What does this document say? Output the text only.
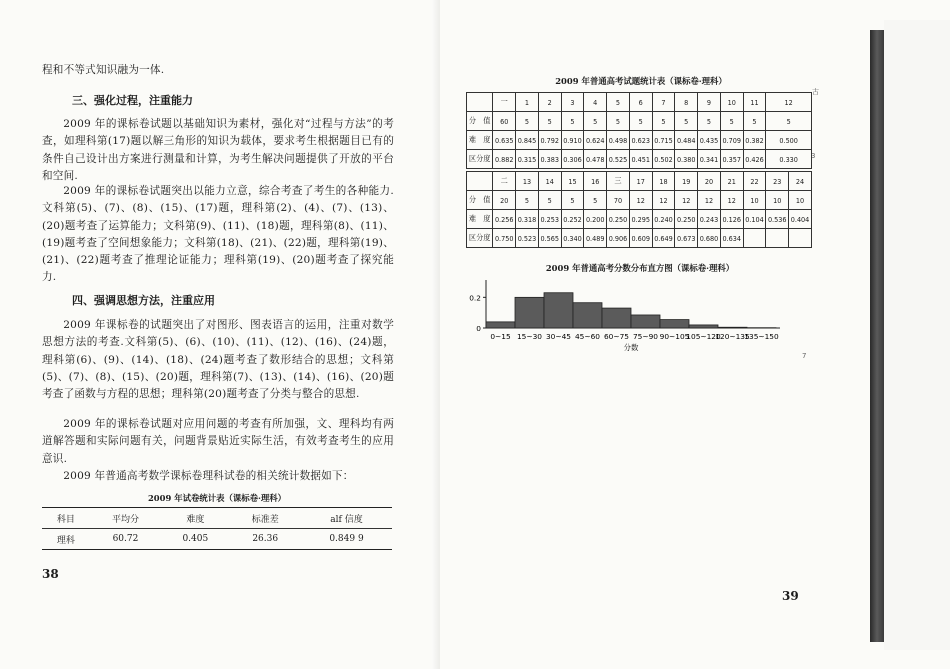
程和不等式知识融为一体.

三、强化过程，注重能力

2009 年的课标卷试题以基础知识为素材，强化对“过程与方法”的考查，如理科第(17)题以解三角形的知识为载体，要求考生根据题目已有的条件自己设计出方案进行测量和计算，为考生解决问题提供了开放的平台和空间.

2009 年的课标卷试题突出以能力立意，综合考查了考生的各种能力.文科第(5)、(7)、(8)、(15)、(17)题，理科第(2)、(4)、(7)、(13)、(20)题考查了运算能力；文科第(9)、(11)、(18)题，理科第(8)、(11)、(19)题考查了空间想象能力；文科第(18)、(21)、(22)题，理科第(19)、(21)、(22)题考查了推理论证能力；理科第(19)、(20)题考查了探究能力.

四、强调思想方法，注重应用

2009 年课标卷的试题突出了对图形、图表语言的运用，注重对数学思想方法的考查.文科第(5)、(6)、(10)、(11)、(12)、(16)、(24)题，理科第(6)、(9)、(14)、(18)、(24)题考查了数形结合的思想；文科第(5)、(7)、(8)、(15)、(20)题，理科第(7)、(13)、(14)、(16)、(20)题考查了函数与方程的思想；理科第(20)题考查了分类与整合的思想.

2009 年的课标卷试题对应用问题的考查有所加强，文、理科均有两道解答题和实际问题有关，问题背景贴近实际生活，有效考查考生的应用意识.

2009 年普通高考数学课标卷理科试卷的相关统计数据如下：

2009 年试卷统计表（课标卷·理科）

科目	平均分	难度	标准差	alf 信度
理科	60.72	0.405	26.36	0.849 9
38

2009 年普通高考试题统计表（课标卷·理科）

古
3
7
39
	一	1	2	3	4	5	6	7	8	9	10	11	12	
分　值	60	5	5	5	5	5	5	5	5	5	5	5	5	
难　度	0.635	0.845	0.792	0.910	0.624	0.498	0.623	0.715	0.484	0.435	0.709	0.382	0.500	
区分度	0.882	0.315	0.383	0.306	0.478	0.525	0.451	0.502	0.380	0.341	0.357	0.426	0.330	

	二	13	14	15	16	三	17	18	19	20	21	22	23	24
分　值	20	5	5	5	5	70	12	12	12	12	12	10	10	10
难　度	0.256	0.318	0.253	0.252	0.200	0.250	0.295	0.240	0.250	0.243	0.126	0.104	0.536	0.404
区分度	0.750	0.523	0.565	0.340	0.489	0.906	0.609	0.649	0.673	0.680	0.634			
0
0.2
0~15 15~30 30~45 45~60 60~75 75~90 90~105
105~120
120~135
135~150
分数

2009 年普通高考分数分布直方图（课标卷·理科）
